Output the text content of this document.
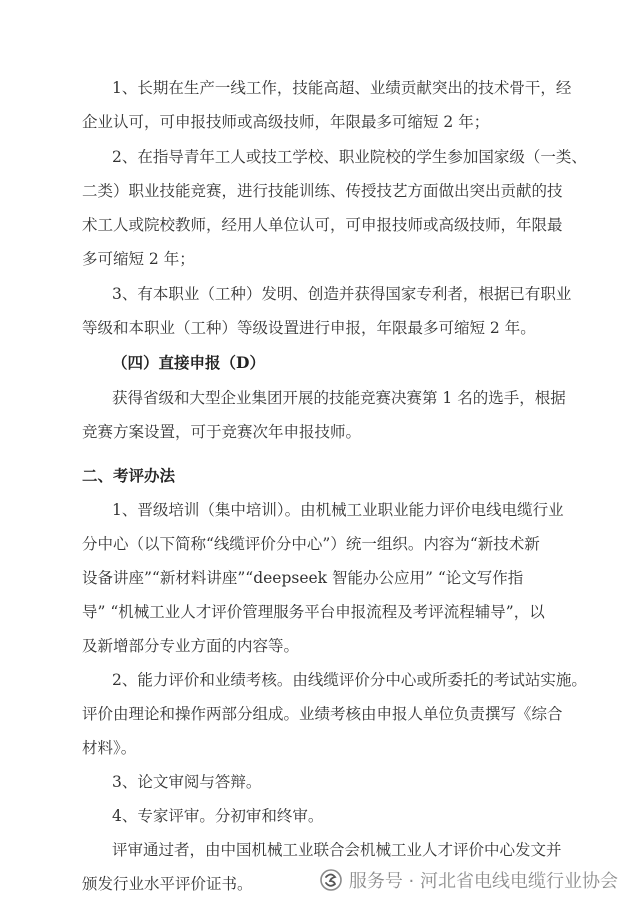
1、长期在生产一线工作，技能高超、业绩贡献突出的技术骨干，经
企业认可，可申报技师或高级技师，年限最多可缩短 2 年；
2、在指导青年工人或技工学校、职业院校的学生参加国家级（一类、
二类）职业技能竞赛，进行技能训练、传授技艺方面做出突出贡献的技
术工人或院校教师，经用人单位认可，可申报技师或高级技师，年限最
多可缩短 2 年；
3、有本职业（工种）发明、创造并获得国家专利者，根据已有职业
等级和本职业（工种）等级设置进行申报，年限最多可缩短 2 年。
（四）直接申报（D）
获得省级和大型企业集团开展的技能竞赛决赛第 1 名的选手，根据
竞赛方案设置，可于竞赛次年申报技师。
二、考评办法
1、晋级培训（集中培训）。由机械工业职业能力评价电线电缆行业
分中心（以下简称“线缆评价分中心”）统一组织。内容为“新技术新
设备讲座”“新材料讲座”“deepseek 智能办公应用” “论文写作指
导” “机械工业人才评价管理服务平台申报流程及考评流程辅导”，以
及新增部分专业方面的内容等。
2、能力评价和业绩考核。由线缆评价分中心或所委托的考试站实施。
评价由理论和操作两部分组成。业绩考核由申报人单位负责撰写《综合
材料》。
3、论文审阅与答辩。
4、专家评审。分初审和终审。
评审通过者，由中国机械工业联合会机械工业人才评价中心发文并
颁发行业水平评价证书。	服务号 · 河北省电线电缆行业协会
